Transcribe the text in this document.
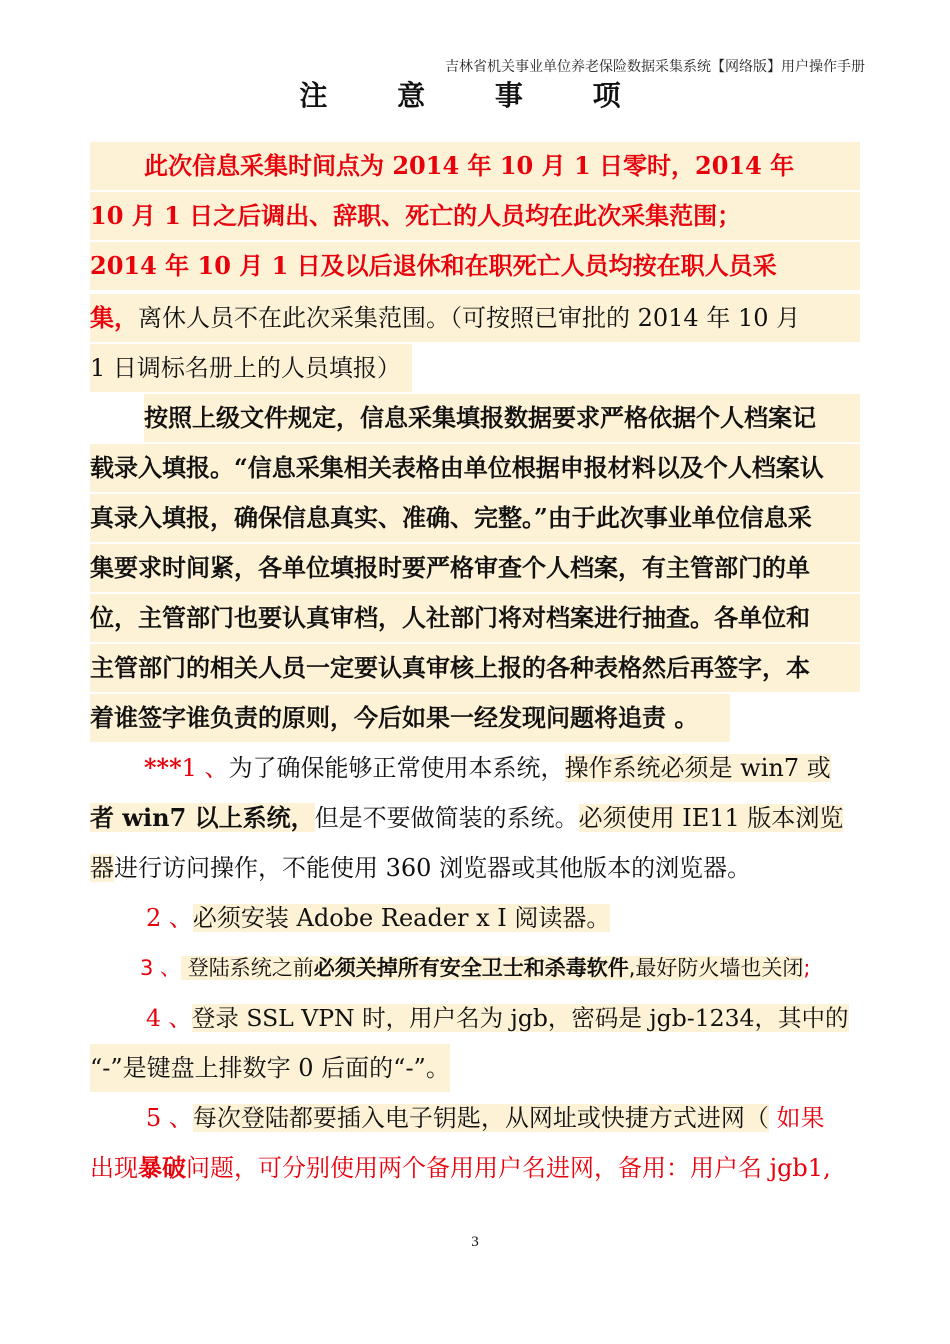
吉林省机关事业单位养老保险数据采集系统【网络版】用户操作手册
注 意 事 项
此次信息采集时间点为 2014 年 10 月 1 日零时，2014 年
10 月 1 日之后调出、辞职、死亡的人员均在此次采集范围；
2014 年 10 月 1 日及以后退休和在职死亡人员均按在职人员采
集，离休人员不在此次采集范围。（可按照已审批的 2014 年 10 月
1 日调标名册上的人员填报）
按照上级文件规定，信息采集填报数据要求严格依据个人档案记
载录入填报。“信息采集相关表格由单位根据申报材料以及个人档案认
真录入填报，确保信息真实、准确、完整。”由于此次事业单位信息采
集要求时间紧，各单位填报时要严格审查个人档案，有主管部门的单
位，主管部门也要认真审档，人社部门将对档案进行抽查。各单位和
主管部门的相关人员一定要认真审核上报的各种表格然后再签字，本
着谁签字谁负责的原则，今后如果一经发现问题将追责 。
***1 、为了确保能够正常使用本系统，操作系统必须是 win7 或
者 win7 以上系统，但是不要做简装的系统。必须使用 IE11 版本浏览
器进行访问操作，不能使用 360 浏览器或其他版本的浏览器。
2 、必须安装 Adobe Reader x I 阅读器。
3 、 登陆系统之前必须关掉所有安全卫士和杀毒软件,最好防火墙也关闭;
4 、登录 SSL VPN 时，用户名为 jgb，密码是 jgb-1234，其中的
“-”是键盘上排数字 0 后面的“-”。
5 、每次登陆都要插入电子钥匙，从网址或快捷方式进网（ 如果
出现暴破问题，可分别使用两个备用用户名进网，备用：用户名 jgb1,
3
